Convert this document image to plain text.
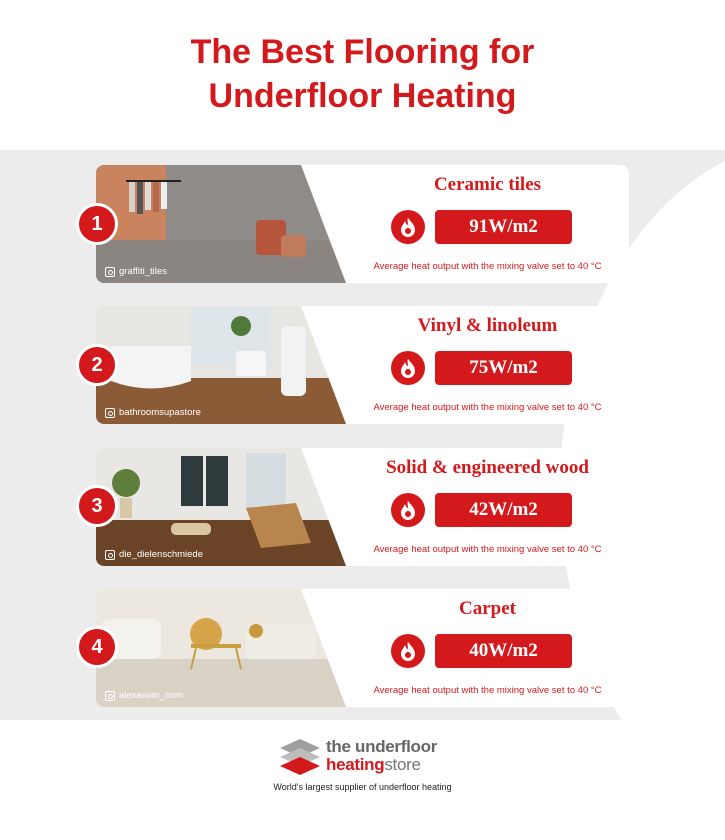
The Best Flooring for
Underfloor Heating
graffiti_tiles
Ceramic tiles
91W/m2
Average heat output with the mixing valve set to 40 °C
1
bathroomsupastore
Vinyl & linoleum
75W/m2
Average heat output with the mixing valve set to 40 °C
2
die_dielenschmiede
Solid & engineered wood
42W/m2
Average heat output with the mixing valve set to 40 °C
3
alexanian_com
Carpet
40W/m2
Average heat output with the mixing valve set to 40 °C
4
the underfloor
heatingstore
World's largest supplier of underfloor heating
